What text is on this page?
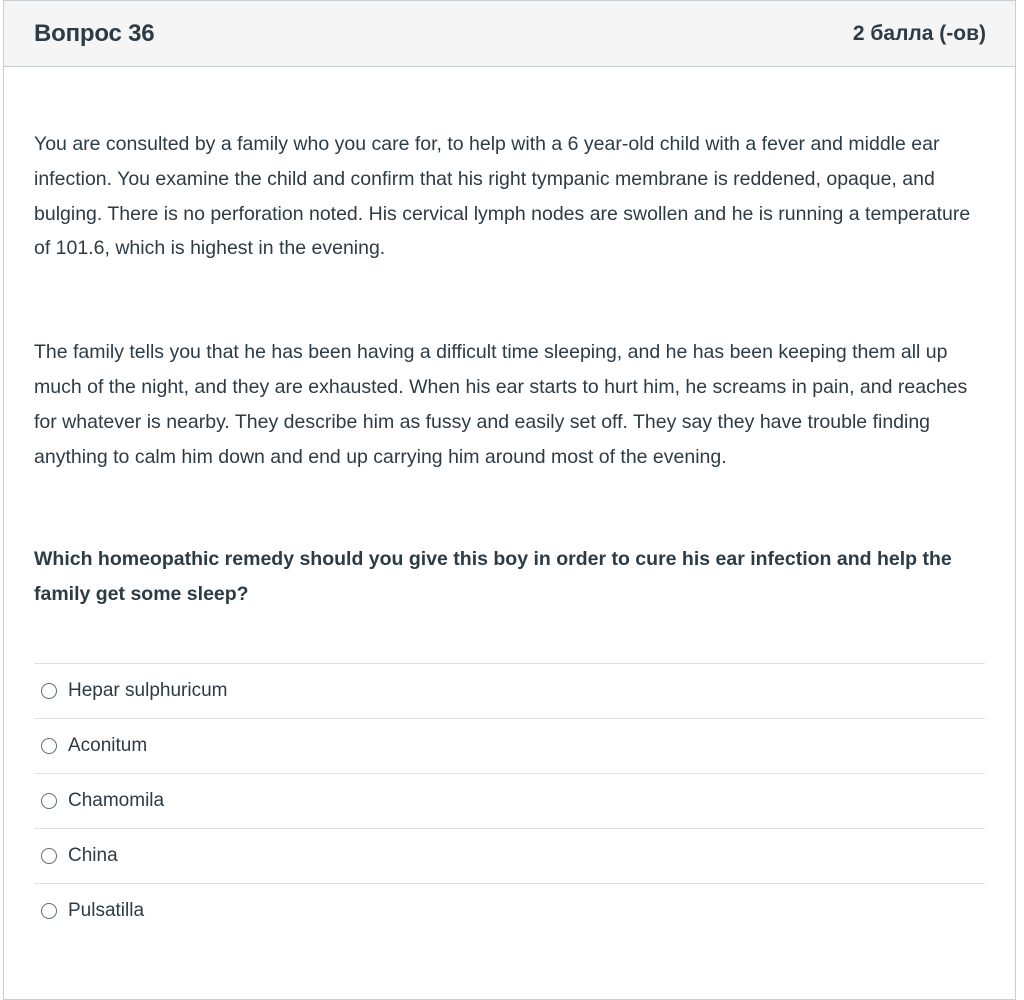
Вопрос 36	2 балла (-ов)

You are consulted by a family who you care for, to help with a 6 year-old child with a fever and middle ear infection. You examine the child and confirm that his right tympanic membrane is reddened, opaque, and bulging. There is no perforation noted. His cervical lymph nodes are swollen and he is running a temperature of 101.6, which is highest in the evening.

The family tells you that he has been having a difficult time sleeping, and he has been keeping them all up much of the night, and they are exhausted. When his ear starts to hurt him, he screams in pain, and reaches for whatever is nearby. They describe him as fussy and easily set off. They say they have trouble finding anything to calm him down and end up carrying him around most of the evening.

Which homeopathic remedy should you give this boy in order to cure his ear infection and help the family get some sleep?

Hepar sulphuricum
Aconitum
Chamomila
China
Pulsatilla
